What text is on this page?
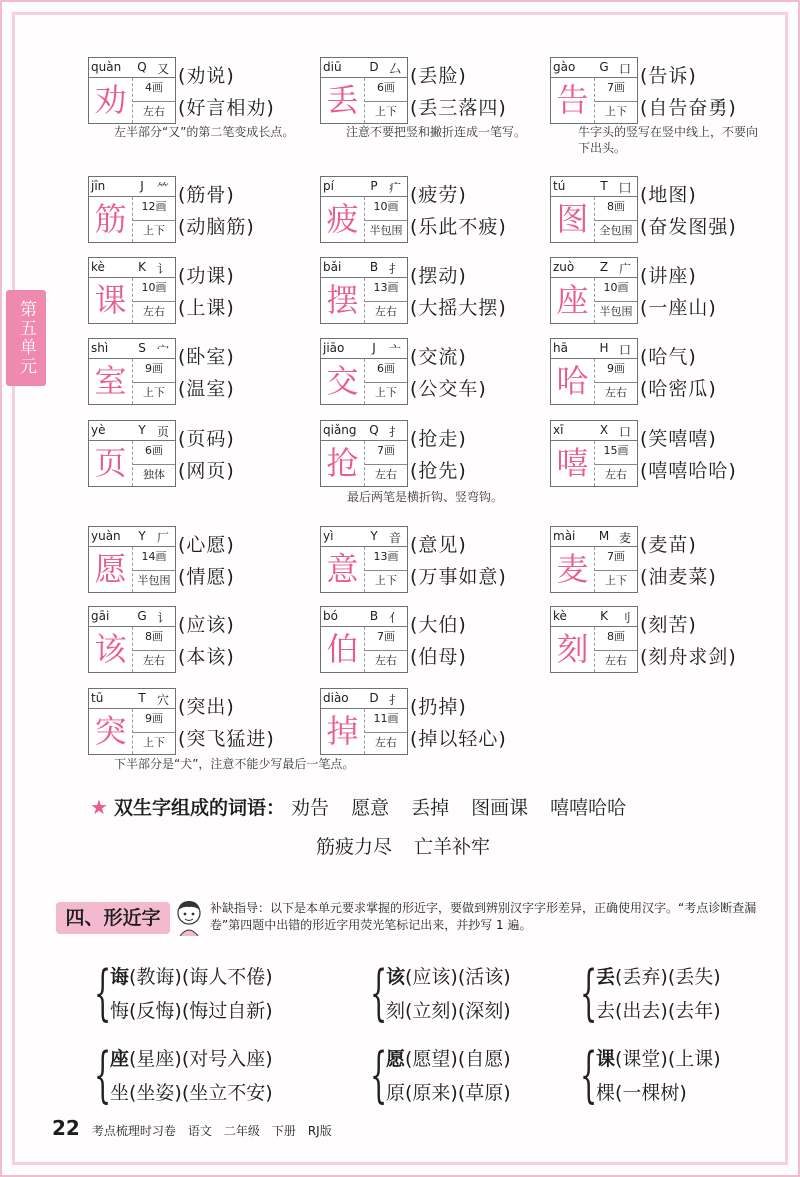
第五单元
quàn	Q 又
劝	4画
左右
(劝说)
(好言相劝)
diū	D 厶
丢	6画
上下
(丢脸)
(丢三落四)
gào	G 口
告	7画
上下
(告诉)
(自告奋勇)
左半部分“又”的第二笔变成长点。	注意不要把竖和撇折连成一笔写。	牛字头的竖写在竖中线上，不要向下出头。
jīn	J	⺮
筋	12画
上下
(筋骨)
(动脑筋)
pí	P 疒
疲	10画
半包围
(疲劳)
(乐此不疲)
tú	T 囗
图	8画
全包围
(地图)
(奋发图强)
kè	K 讠
课	10画
左右
(功课)
(上课)
bǎi	B 扌
摆	13画
左右
(摆动)
(大摇大摆)
zuò	Z 广
座	10画
半包围
(讲座)
(一座山)
shì	S 宀
室	9画
上下
(卧室)
(温室)
jiāo	J	亠
交	6画
上下
(交流)
(公交车)
hā	H 口
哈	9画
左右
(哈气)
(哈密瓜)
yè	Y 页
页	6画
独体
(页码)
(网页)
qiǎng	Q 扌
抢	7画
左右
(抢走)
(抢先)
xī	X 口
嘻	15画
左右
(笑嘻嘻)
(嘻嘻哈哈)
最后两笔是横折钩、竖弯钩。
yuàn	Y 厂
愿	14画
半包围
(心愿)
(情愿)
yì	Y 音
意	13画
上下
(意见)
(万事如意)
mài	M 麦
麦	7画
上下
(麦苗)
(油麦菜)
gāi	G 讠
该	8画
左右
(应该)
(本该)
bó	B 亻
伯	7画
左右
(大伯)
(伯母)
kè	K 刂
刻	8画
左右
(刻苦)
(刻舟求剑)
tū	T 穴
突	9画
上下
(突出)
(突飞猛进)
diào	D 扌
掉	11画
左右
(扔掉)
(掉以轻心)
下半部分是“犬”，注意不能少写最后一笔点。
★ 双生字组成的词语： 劝告 愿意 丢掉 图画课 嘻嘻哈哈
筋疲力尽 亡羊补牢
四、形近字	补缺指导：以下是本单元要求掌握的形近字，要做到辨别汉字字形差异，正确使用汉字。“考点诊断查漏卷”第四题中出错的形近字用荧光笔标记出来，并抄写 1 遍。
{
诲(教诲)(诲人不倦)
悔(反悔)(悔过自新) {
该(应该)(活该)
刻(立刻)(深刻) {
丢(丢弃)(丢失)
去(出去)(去年)
{
座(星座)(对号入座)
坐(坐姿)(坐立不安) {
愿(愿望)(自愿)
原(原来)(草原) {
课(课堂)(上课)
棵(一棵树)
22 考点梳理时习卷　语文　二年级　下册　RJ版
